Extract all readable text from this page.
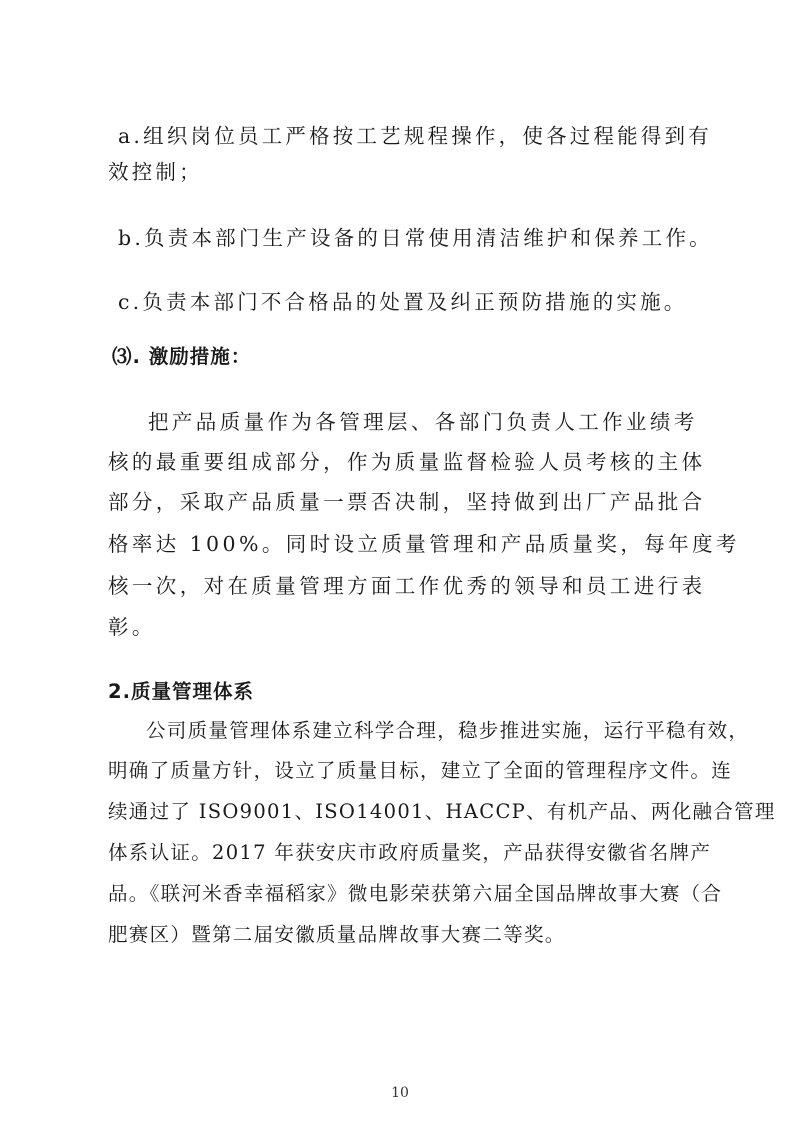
a.组织岗位员工严格按工艺规程操作，使各过程能得到有
效控制；
b.负责本部门生产设备的日常使用清洁维护和保养工作。
c.负责本部门不合格品的处置及纠正预防措施的实施。
⑶. 激励措施：
把产品质量作为各管理层、各部门负责人工作业绩考
核的最重要组成部分，作为质量监督检验人员考核的主体
部分，采取产品质量一票否决制，坚持做到出厂产品批合
格率达 100%。同时设立质量管理和产品质量奖，每年度考
核一次，对在质量管理方面工作优秀的领导和员工进行表
彰。
2.质量管理体系
公司质量管理体系建立科学合理，稳步推进实施，运行平稳有效，
明确了质量方针，设立了质量目标，建立了全面的管理程序文件。连
续通过了 ISO9001、ISO14001、HACCP、有机产品、两化融合管理
体系认证。2017 年获安庆市政府质量奖，产品获得安徽省名牌产
品。《联河米香幸福稻家》微电影荣获第六届全国品牌故事大赛（合
肥赛区）暨第二届安徽质量品牌故事大赛二等奖。
10
